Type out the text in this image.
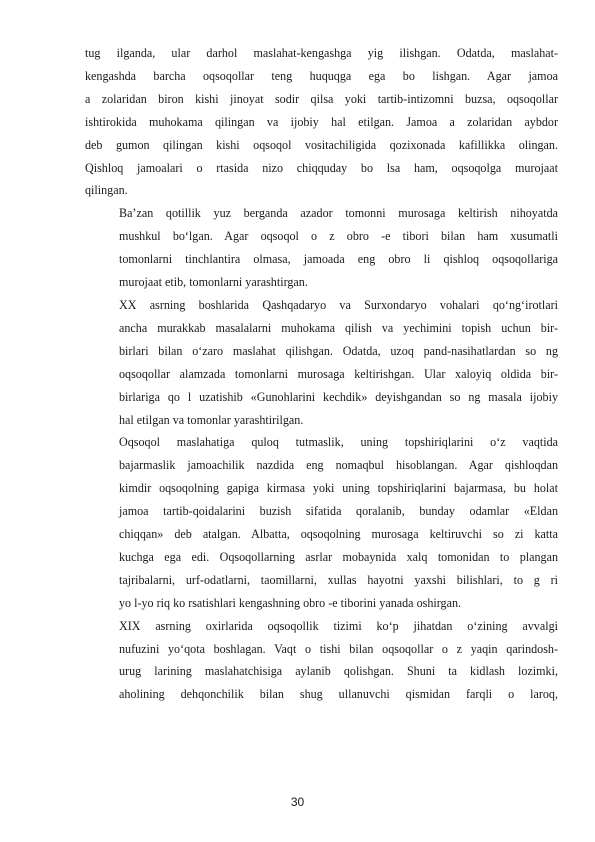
tug ilganda, ular darhol maslahat-kengashga yig ilishgan. Odatda, maslahat-
kengashda barcha oqsoqollar teng huquqga ega bo lishgan. Agar jamoa
a zolaridan biron kishi jinoyat sodir qilsa yoki tartib-intizomni buzsa, oqsoqollar
ishtirokida muhokama qilingan va ijobiy hal etilgan. Jamoa a zolaridan aybdor
deb gumon qilingan kishi oqsoqol vositachiligida qozixonada kafillikka olingan.
Qishloq jamoalari o rtasida nizo chiqquday bo lsa ham, oqsoqolga murojaat
qilingan.

Ba’zan qotillik yuz berganda azador tomonni murosaga keltirish nihoyatda
mushkul bo‘lgan. Agar oqsoqol o z obro -e tibori bilan ham xusumatli
tomonlarni tinchlantira olmasa, jamoada eng obro li qishloq oqsoqollariga
murojaat etib, tomonlarni yarashtirgan.

XX asrning boshlarida Qashqadaryo va Surxondaryo vohalari qo‘ng‘irotlari
ancha murakkab masalalarni muhokama qilish va yechimini topish uchun bir-
birlari bilan o‘zaro maslahat qilishgan. Odatda, uzoq pand-nasihatlardan so ng
oqsoqollar alamzada tomonlarni murosaga keltirishgan. Ular xaloyiq oldida bir-
birlariga qo l uzatishib «Gunohlarini kechdik» deyishgandan so ng masala ijobiy
hal etilgan va tomonlar yarashtirilgan.

Oqsoqol maslahatiga quloq tutmaslik, uning topshiriqlarini o‘z vaqtida
bajarmaslik jamoachilik nazdida eng nomaqbul hisoblangan. Agar qishloqdan
kimdir oqsoqolning gapiga kirmasa yoki uning topshiriqlarini bajarmasa, bu holat
jamoa tartib-qoidalarini buzish sifatida qoralanib, bunday odamlar «Eldan
chiqqan» deb atalgan. Albatta, oqsoqolning murosaga keltiruvchi so zi katta
kuchga ega edi. Oqsoqollarning asrlar mobaynida xalq tomonidan to plangan
tajribalarni, urf-odatlarni, taomillarni, xullas hayotni yaxshi bilishlari, to g ri
yo l-yo riq ko rsatishlari kengashning obro -e tiborini yanada oshirgan.

XIX asrning oxirlarida oqsoqollik tizimi ko‘p jihatdan o‘zining avvalgi
nufuzini yo‘qota boshlagan. Vaqt o tishi bilan oqsoqollar o z yaqin qarindosh-
urug larining maslahatchisiga aylanib qolishgan. Shuni ta kidlash lozimki,
aholining dehqonchilik bilan shug ullanuvchi qismidan farqli o laroq,

30
